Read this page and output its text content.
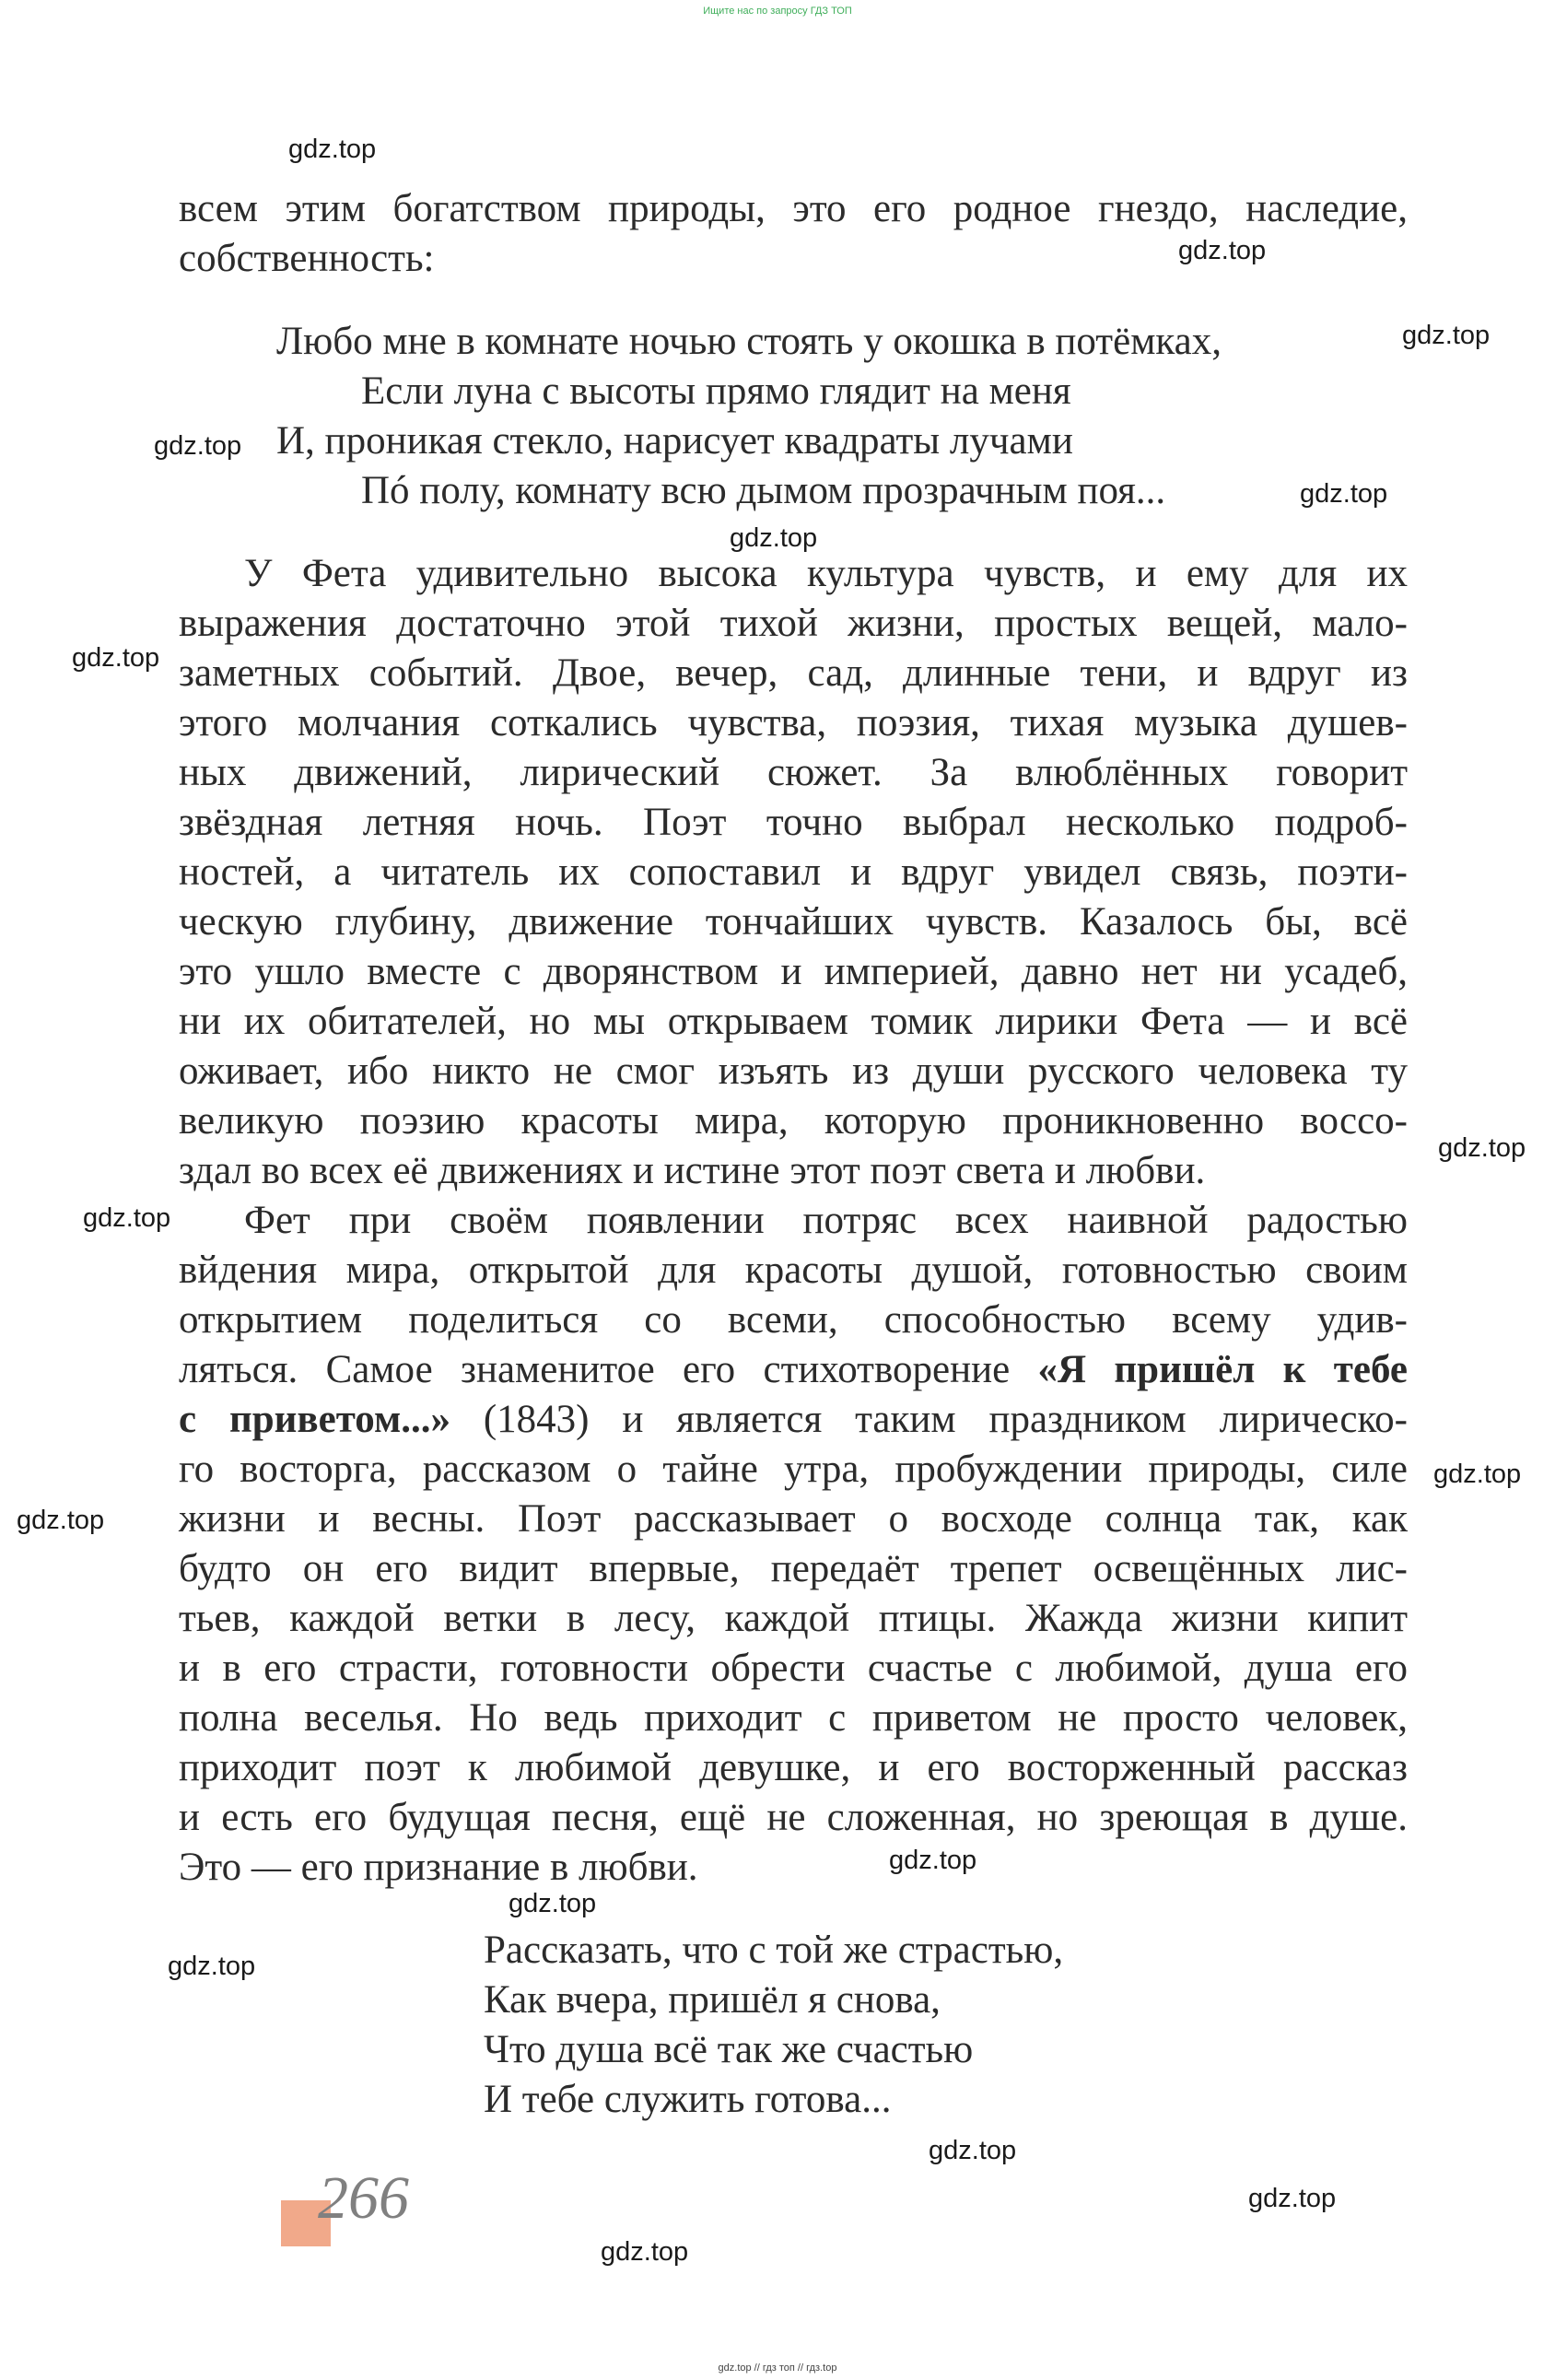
Ищите нас по запросу ГДЗ ТОП
gdz.top
gdz.top
gdz.top
gdz.top
gdz.top
gdz.top
gdz.top
gdz.top
gdz.top
gdz.top
gdz.top
gdz.top
gdz.top
gdz.top
gdz.top
gdz.top
gdz.top
всем этим богатством природы, это его родное гнездо, наследие,
собственность:
Любо мне в комнате ночью стоять у окошка в потёмках,
Если луна с высоты прямо глядит на меня
И, проникая стекло, нарисует квадраты лучами
Пó полу, комнату всю дымом прозрачным поя...
У Фета удивительно высока культура чувств, и ему для их
выражения достаточно этой тихой жизни, простых вещей, мало-
заметных событий. Двое, вечер, сад, длинные тени, и вдруг из
этого молчания соткались чувства, поэзия, тихая музыка душев-
ных движений, лирический сюжет. За влюблённых говорит
звёздная летняя ночь. Поэт точно выбрал несколько подроб-
ностей, а читатель их сопоставил и вдруг увидел связь, поэти-
ческую глубину, движение тончайших чувств. Казалось бы, всё
это ушло вместе с дворянством и империей, давно нет ни усадеб,
ни их обитателей, но мы открываем томик лирики Фета — и всё
оживает, ибо никто не смог изъять из души русского человека ту
великую поэзию красоты мира, которую проникновенно воссо-
здал во всех её движениях и истине этот поэт света и любви.
Фет при своём появлении потряс всех наивной радостью
вйдения мира, открытой для красоты душой, готовностью своим
открытием поделиться со всеми, способностью всему удив-
ляться. Самое знаменитое его стихотворение «Я пришёл к тебе
с приветом...» (1843) и является таким праздником лирическо-
го восторга, рассказом о тайне утра, пробуждении природы, силе
жизни и весны. Поэт рассказывает о восходе солнца так, как
будто он его видит впервые, передаёт трепет освещённых лис-
тьев, каждой ветки в лесу, каждой птицы. Жажда жизни кипит
и в его страсти, готовности обрести счастье с любимой, душа его
полна веселья. Но ведь приходит с приветом не просто человек,
приходит поэт к любимой девушке, и его восторженный рассказ
и есть его будущая песня, ещё не сложенная, но зреющая в душе.
Это — его признание в любви.
Рассказать, что с той же страстью,
Как вчера, пришёл я снова,
Что душа всё так же счастью
И тебе служить готова...
266
gdz.top // гдз топ // гдз.top
